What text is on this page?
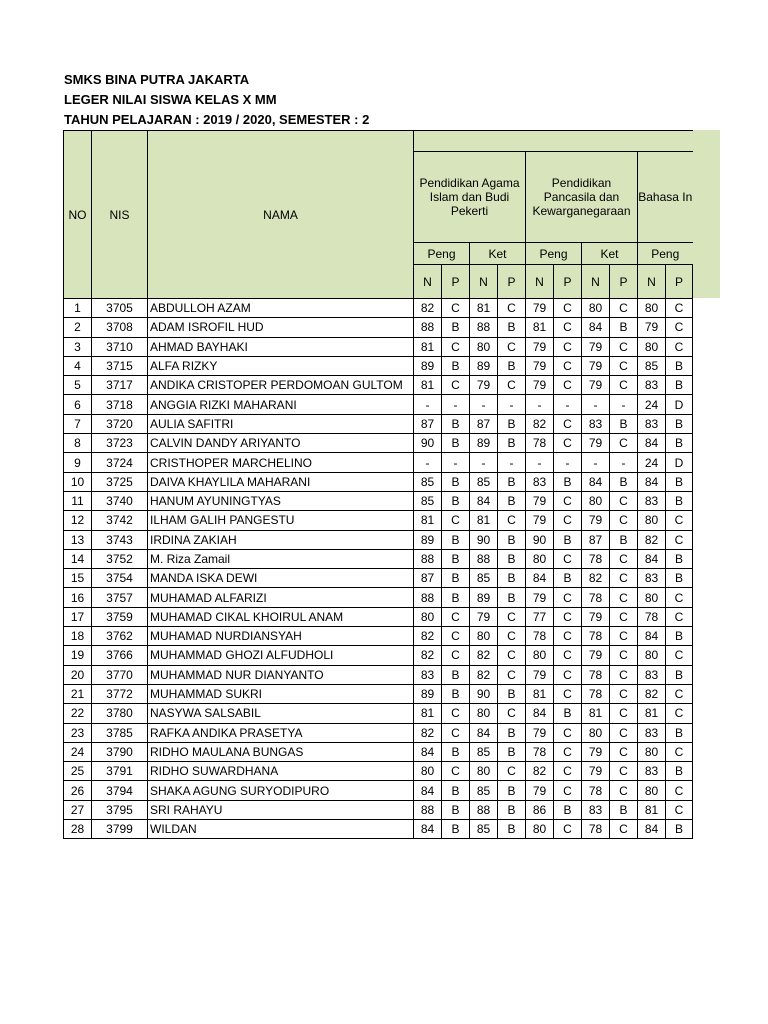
SMKS BINA PUTRA JAKARTA
LEGER NILAI SISWA KELAS X MM
TAHUN PELAJARAN : 2019 / 2020, SEMESTER : 2
NO	NIS	NAMA										
			Pendidikan Agama Islam dan Budi Pekerti				Pendidikan Pancasila dan Kewarganegaraan				Bahasa In	
			Peng		Ket		Peng		Ket		Peng	
			N	P	N	P	N	P	N	P	N	P
1	3705	ABDULLOH AZAM	82	C	81	C	79	C	80	C	80	C
2	3708	ADAM ISROFIL HUD	88	B	88	B	81	C	84	B	79	C
3	3710	AHMAD BAYHAKI	81	C	80	C	79	C	79	C	80	C
4	3715	ALFA RIZKY	89	B	89	B	79	C	79	C	85	B
5	3717	ANDIKA CRISTOPER PERDOMOAN GULTOM	81	C	79	C	79	C	79	C	83	B
6	3718	ANGGIA RIZKI MAHARANI	-	-	-	-	-	-	-	-	24	D
7	3720	AULIA SAFITRI	87	B	87	B	82	C	83	B	83	B
8	3723	CALVIN DANDY ARIYANTO	90	B	89	B	78	C	79	C	84	B
9	3724	CRISTHOPER MARCHELINO	-	-	-	-	-	-	-	-	24	D
10	3725	DAIVA KHAYLILA MAHARANI	85	B	85	B	83	B	84	B	84	B
11	3740	HANUM AYUNINGTYAS	85	B	84	B	79	C	80	C	83	B
12	3742	ILHAM GALIH PANGESTU	81	C	81	C	79	C	79	C	80	C
13	3743	IRDINA ZAKIAH	89	B	90	B	90	B	87	B	82	C
14	3752	M. Riza Zamail	88	B	88	B	80	C	78	C	84	B
15	3754	MANDA ISKA DEWI	87	B	85	B	84	B	82	C	83	B
16	3757	MUHAMAD ALFARIZI	88	B	89	B	79	C	78	C	80	C
17	3759	MUHAMAD CIKAL KHOIRUL ANAM	80	C	79	C	77	C	79	C	78	C
18	3762	MUHAMAD NURDIANSYAH	82	C	80	C	78	C	78	C	84	B
19	3766	MUHAMMAD GHOZI ALFUDHOLI	82	C	82	C	80	C	79	C	80	C
20	3770	MUHAMMAD NUR DIANYANTO	83	B	82	C	79	C	78	C	83	B
21	3772	MUHAMMAD SUKRI	89	B	90	B	81	C	78	C	82	C
22	3780	NASYWA SALSABIL	81	C	80	C	84	B	81	C	81	C
23	3785	RAFKA ANDIKA PRASETYA	82	C	84	B	79	C	80	C	83	B
24	3790	RIDHO MAULANA BUNGAS	84	B	85	B	78	C	79	C	80	C
25	3791	RIDHO SUWARDHANA	80	C	80	C	82	C	79	C	83	B
26	3794	SHAKA AGUNG SURYODIPURO	84	B	85	B	79	C	78	C	80	C
27	3795	SRI RAHAYU	88	B	88	B	86	B	83	B	81	C
28	3799	WILDAN	84	B	85	B	80	C	78	C	84	B
